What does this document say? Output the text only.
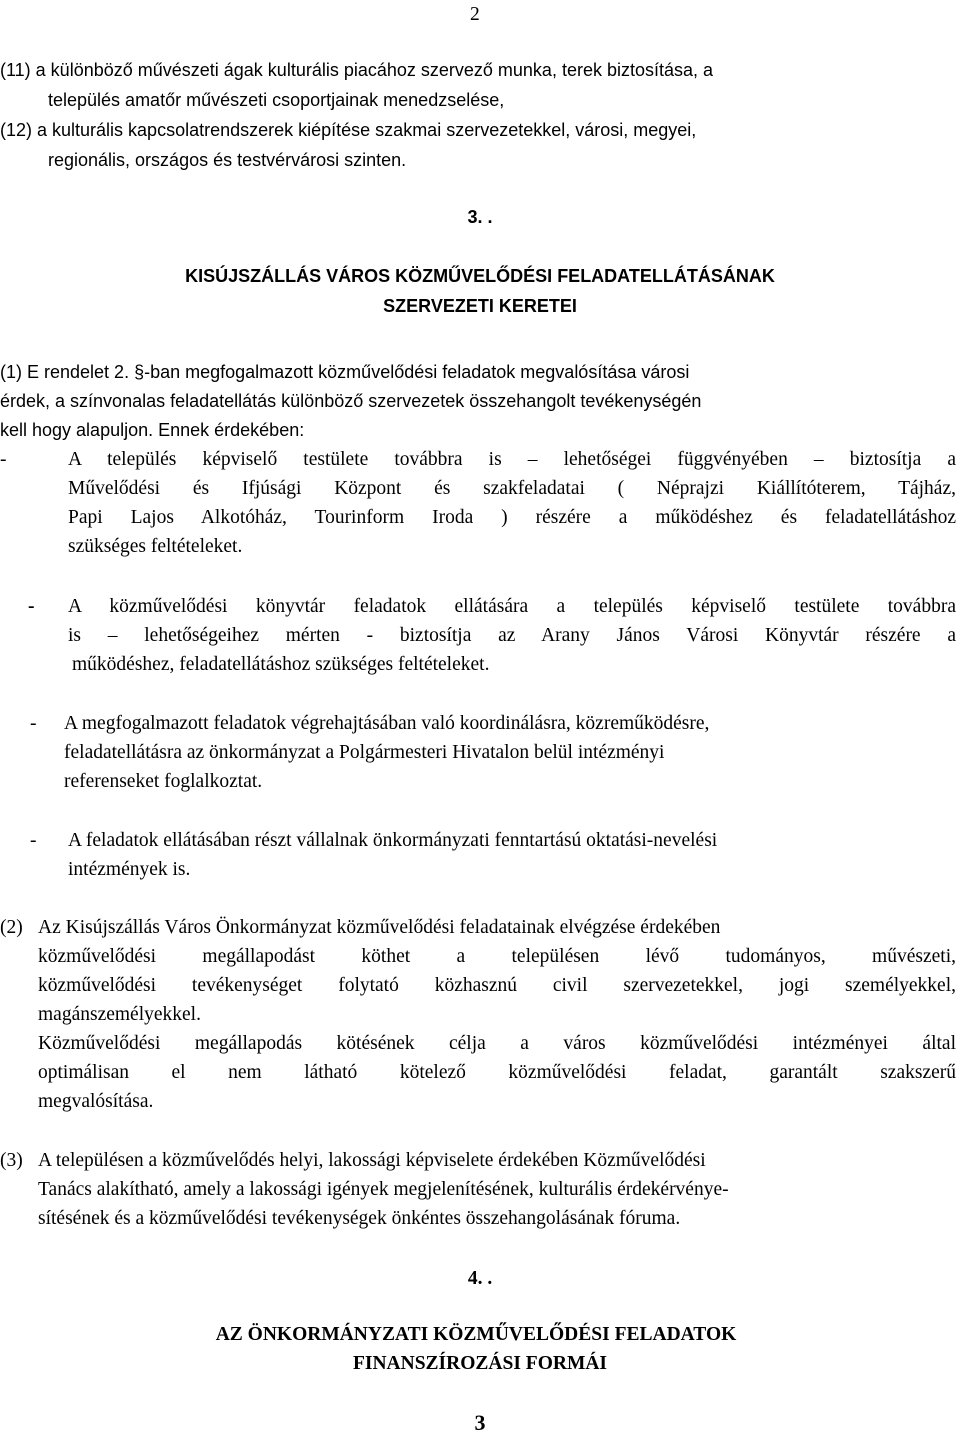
2
(11) a különböző művészeti ágak kulturális piacához szervező munka, terek biztosítása, a
település amatőr művészeti csoportjainak menedzselése,
(12) a kulturális kapcsolatrendszerek kiépítése szakmai szervezetekkel, városi, megyei,
regionális, országos és testvérvárosi szinten.
3. .
KISÚJSZÁLLÁS VÁROS KÖZMŰVELŐDÉSI FELADATELLÁTÁSÁNAK
SZERVEZETI KERETEI
(1) E rendelet 2. §-ban megfogalmazott közművelődési feladatok megvalósítása városi
érdek, a színvonalas feladatellátás különböző szervezetek összehangolt tevékenységén
kell hogy alapuljon. Ennek érdekében:
-	A település képviselő testülete továbbra is – lehetőségei függvényében – biztosítja a
Művelődési és Ifjúsági Központ és szakfeladatai ( Néprajzi Kiállítóterem, Tájház,
Papi Lajos Alkotóház, Tourinform Iroda ) részére a működéshez és feladatellátáshoz
szükséges feltételeket.
- A közművelődési könyvtár feladatok ellátására a település képviselő testülete továbbra
is – lehetőségeihez mérten - biztosítja az Arany János Városi Könyvtár részére a
működéshez, feladatellátáshoz szükséges feltételeket.
- A megfogalmazott feladatok végrehajtásában való koordinálásra, közreműködésre,
feladatellátásra az önkormányzat a Polgármesteri Hivatalon belül intézményi
referenseket foglalkoztat.
- A feladatok ellátásában részt vállalnak önkormányzati fenntartású oktatási-nevelési
intézmények is.
(2) Az Kisújszállás Város Önkormányzat közművelődési feladatainak elvégzése érdekében
közművelődési megállapodást köthet a településen lévő tudományos, művészeti,
közművelődési tevékenységet folytató közhasznú civil szervezetekkel, jogi személyekkel,
magánszemélyekkel.
Közművelődési megállapodás kötésének célja a város közművelődési intézményei által
optimálisan el nem látható kötelező közművelődési feladat, garantált szakszerű
megvalósítása.
(3) A településen a közművelődés helyi, lakossági képviselete érdekében Közművelődési
Tanács alakítható, amely a lakossági igények megjelenítésének, kulturális érdekérvénye-
sítésének és a közművelődési tevékenységek önkéntes összehangolásának fóruma.
4. .
AZ ÖNKORMÁNYZATI KÖZMŰVELŐDÉSI FELADATOK
FINANSZÍROZÁSI FORMÁI
3
